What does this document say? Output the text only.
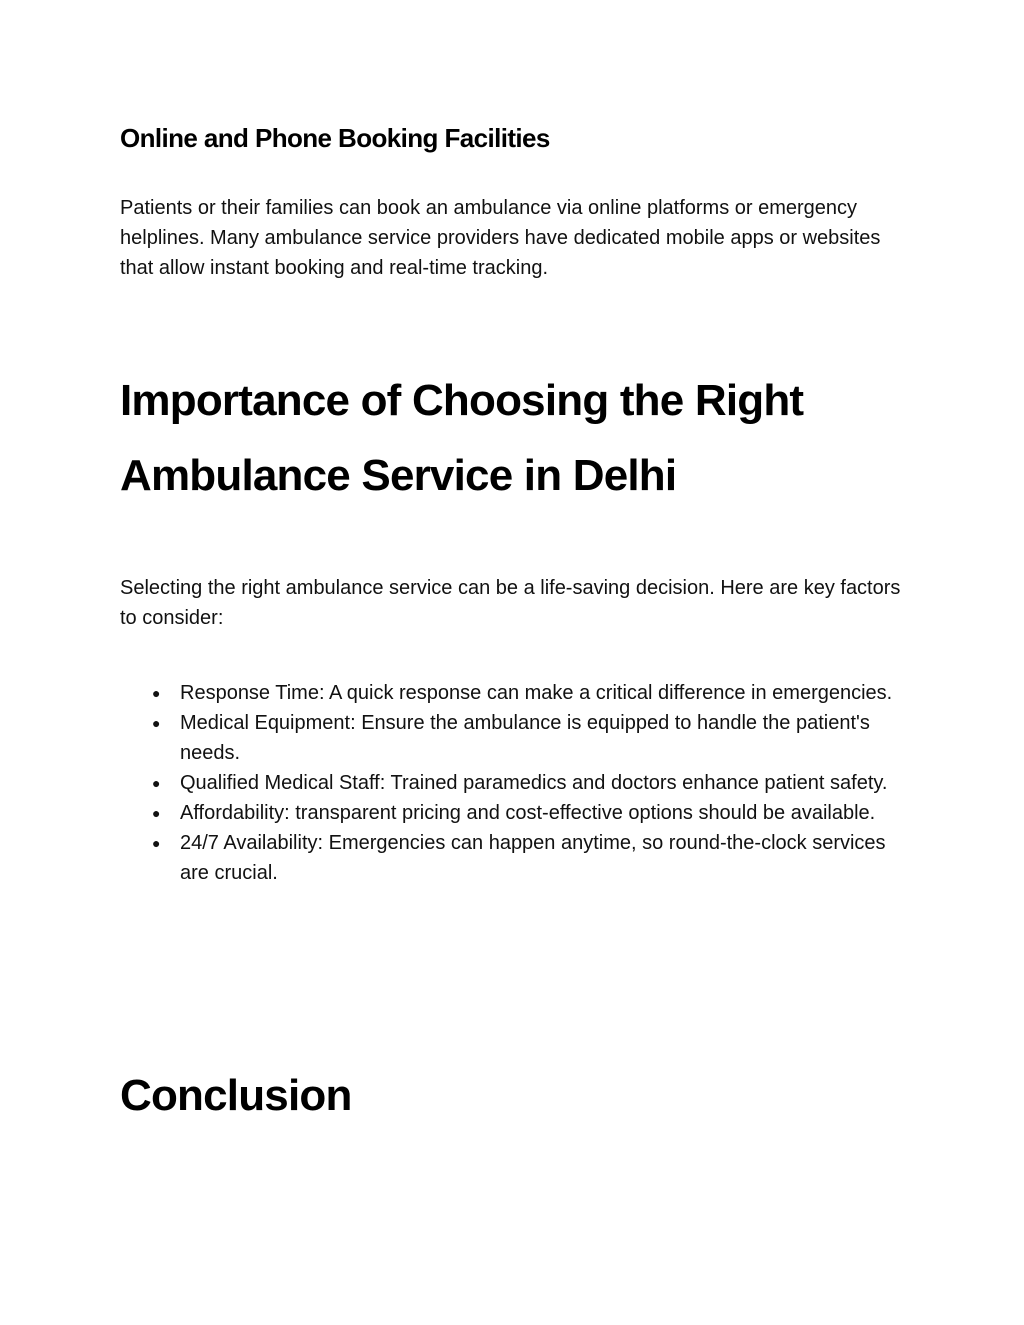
Online and Phone Booking Facilities

Patients or their families can book an ambulance via online platforms or emergency helplines. Many ambulance service providers have dedicated mobile apps or websites that allow instant booking and real-time tracking.

Importance of Choosing the Right
Ambulance Service in Delhi

Selecting the right ambulance service can be a life-saving decision. Here are key factors to consider:

● Response Time: A quick response can make a critical difference in emergencies.
● Medical Equipment: Ensure the ambulance is equipped to handle the patient's needs.
● Qualified Medical Staff: Trained paramedics and doctors enhance patient safety.
● Affordability: transparent pricing and cost-effective options should be available.
● 24/7 Availability: Emergencies can happen anytime, so round-the-clock services are crucial.
Conclusion
